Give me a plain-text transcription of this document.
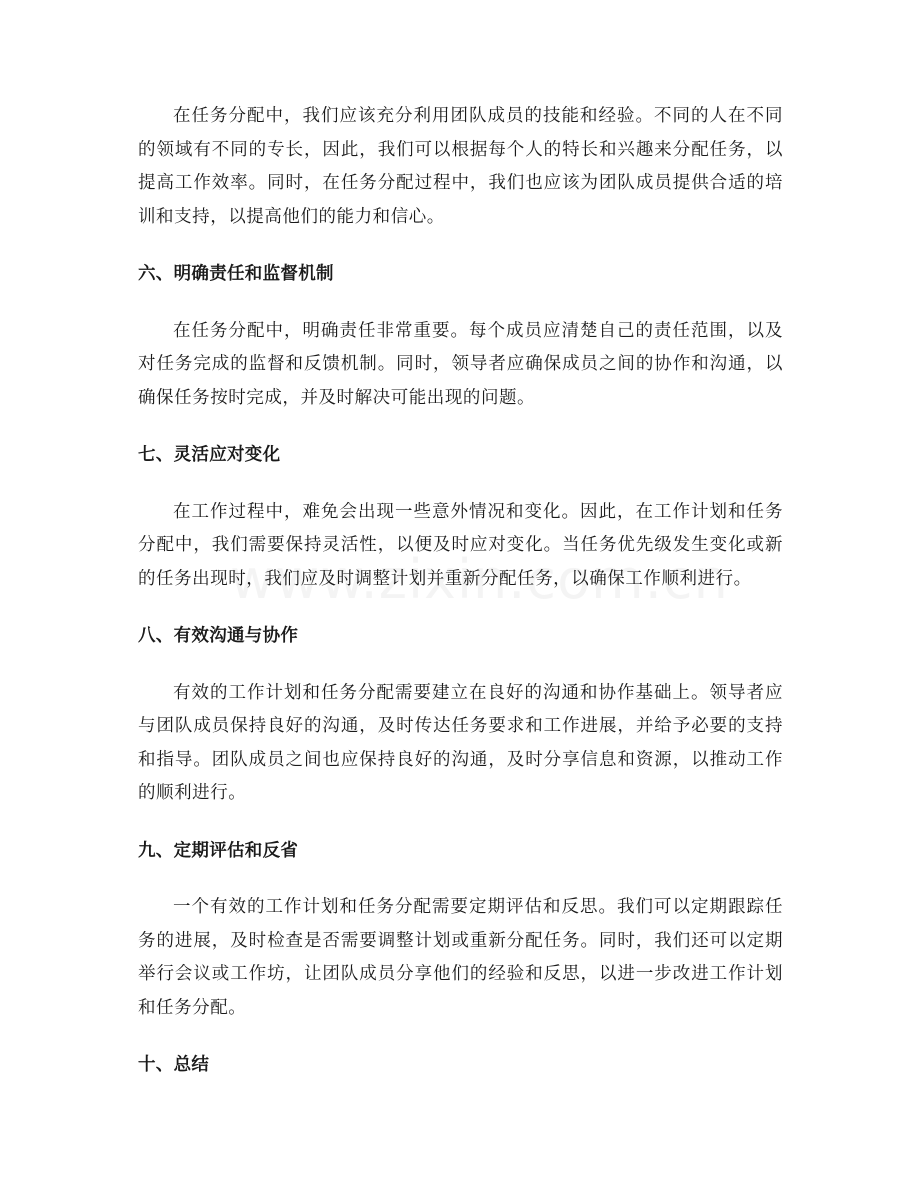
在任务分配中，我们应该充分利用团队成员的技能和经验。不同的人在不同的领域有不同的专长，因此，我们可以根据每个人的特长和兴趣来分配任务，以提高工作效率。同时，在任务分配过程中，我们也应该为团队成员提供合适的培训和支持，以提高他们的能力和信心。

六、明确责任和监督机制

在任务分配中，明确责任非常重要。每个成员应清楚自己的责任范围，以及对任务完成的监督和反馈机制。同时，领导者应确保成员之间的协作和沟通，以确保任务按时完成，并及时解决可能出现的问题。

七、灵活应对变化

在工作过程中，难免会出现一些意外情况和变化。因此，在工作计划和任务分配中，我们需要保持灵活性，以便及时应对变化。当任务优先级发生变化或新的任务出现时，我们应及时调整计划并重新分配任务，以确保工作顺利进行。

八、有效沟通与协作

有效的工作计划和任务分配需要建立在良好的沟通和协作基础上。领导者应与团队成员保持良好的沟通，及时传达任务要求和工作进展，并给予必要的支持和指导。团队成员之间也应保持良好的沟通，及时分享信息和资源，以推动工作的顺利进行。

九、定期评估和反省

一个有效的工作计划和任务分配需要定期评估和反思。我们可以定期跟踪任务的进展，及时检查是否需要调整计划或重新分配任务。同时，我们还可以定期举行会议或工作坊，让团队成员分享他们的经验和反思，以进一步改进工作计划和任务分配。

十、总结
